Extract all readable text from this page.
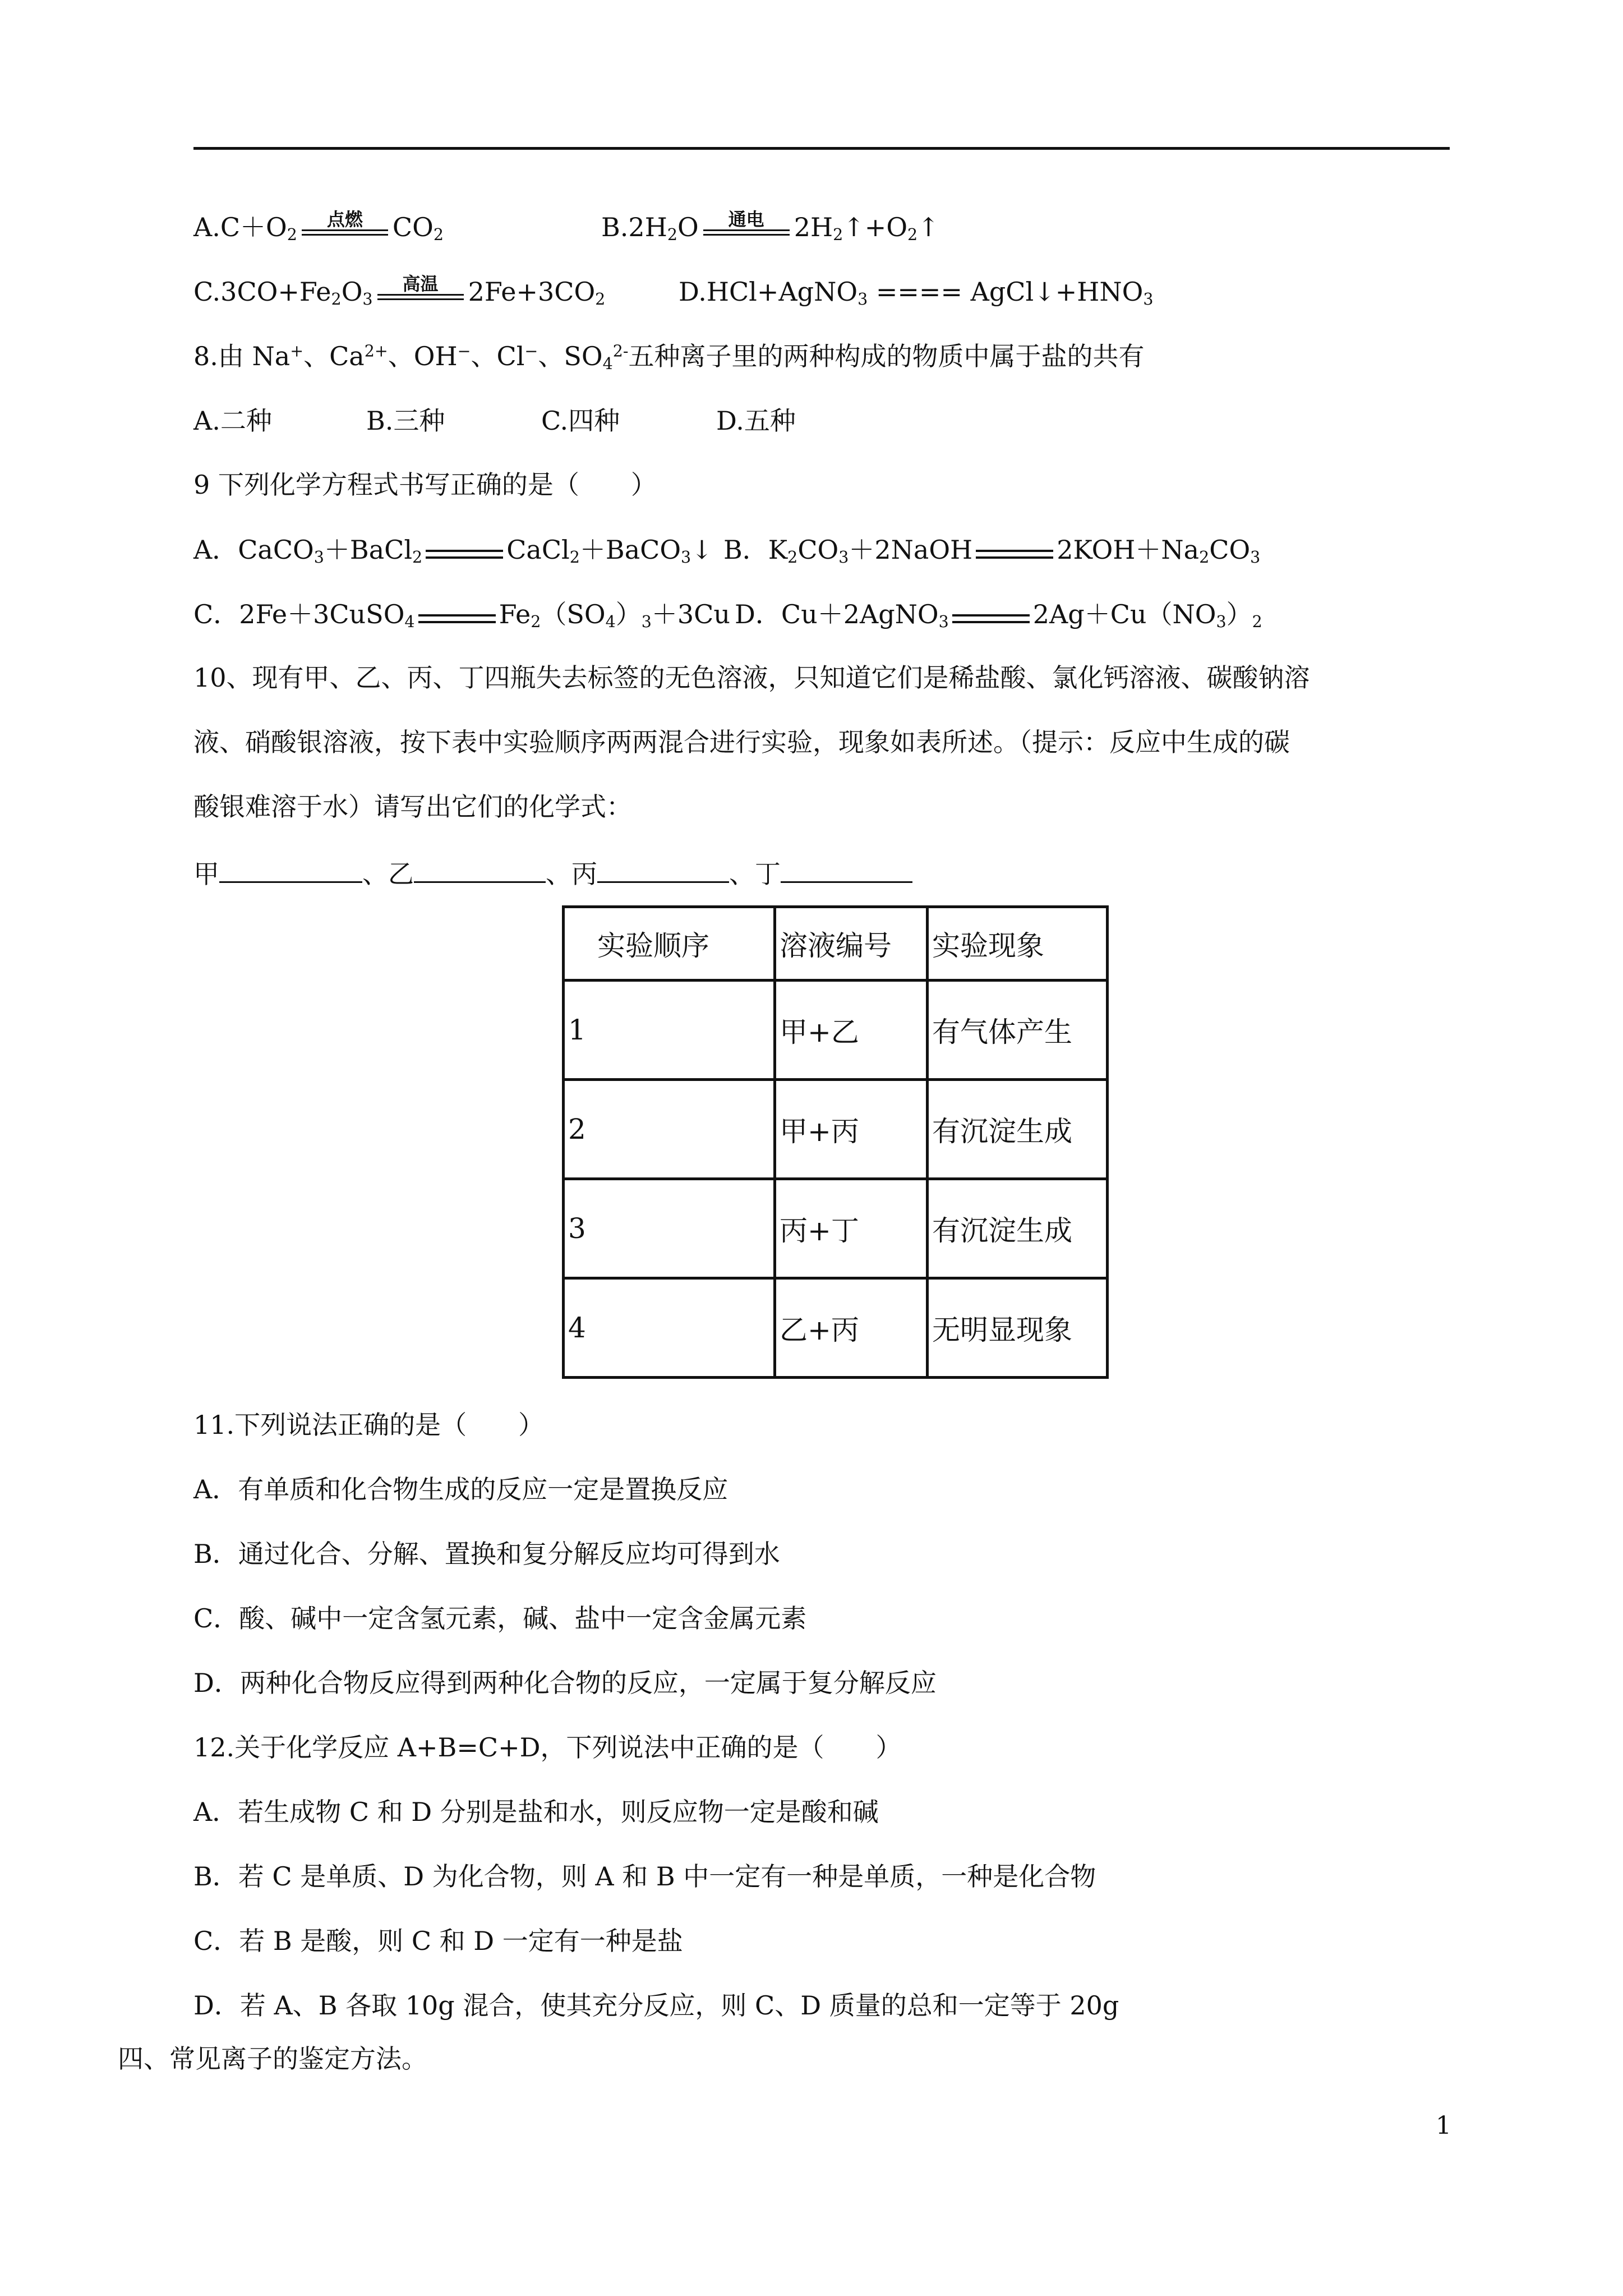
$A.C+O_2$
点燃	$CO_2$	$B.2H_2O$	通电	$2H_2↑+O_2↑$
$C.3CO+Fe_2O_3$
高温	$2Fe+3CO_2$	D.HCl+AgNO$_3$ ==== $AgCl↓+HNO_3$
8.由 Na+、$Ca^{2+}$、OH−、Cl−、$SO_4^{2-}$五种离子里的两种构成的物质中属于盐的共有
A.二种	B.三种	C.四种	D.五种
9 下列化学方程式书写正确的是（　　）
A．CaCO$_3$＋BaCl$_2$	CaCl$_2$＋BaCO$_3$↓ B．$K_2CO_3+2NaOH$	$2KOH+Na_2CO_3$
C．2Fe＋3CuSO$_4$	$Fe_2(SO_4)_3+3Cu$ D．Cu＋2AgNO$_3$	$2Ag+Cu(NO_3)_2$
10、现有甲、乙、丙、丁四瓶失去标签的无色溶液，只知道它们是稀盐酸、氯化钙溶液、碳酸钠溶
液、硝酸银溶液，按下表中实验顺序两两混合进行实验，现象如表所述。（提示：反应中生成的碳
酸银难溶于水）请写出它们的化学式：
甲	、乙	、丙	、丁
实验顺序	溶液编号	实验现象
1	甲+乙	有气体产生
2	甲+丙	有沉淀生成
3	丙+丁	有沉淀生成
4	乙+丙	无明显现象
11.下列说法正确的是（　　）
A．有单质和化合物生成的反应一定是置换反应
B．通过化合、分解、置换和复分解反应均可得到水
C．酸、碱中一定含氢元素，碱、盐中一定含金属元素
D．两种化合物反应得到两种化合物的反应，一定属于复分解反应
12.关于化学反应 A+B=C+D，下列说法中正确的是（　　）
A．若生成物 C 和 D 分别是盐和水，则反应物一定是酸和碱
B．若 C 是单质、D 为化合物，则 A 和 B 中一定有一种是单质，一种是化合物
C．若 B 是酸，则 C 和 D 一定有一种是盐
D．若 A、B 各取 10g 混合，使其充分反应，则 C、D 质量的总和一定等于 20g
四、常见离子的鉴定方法。
1
